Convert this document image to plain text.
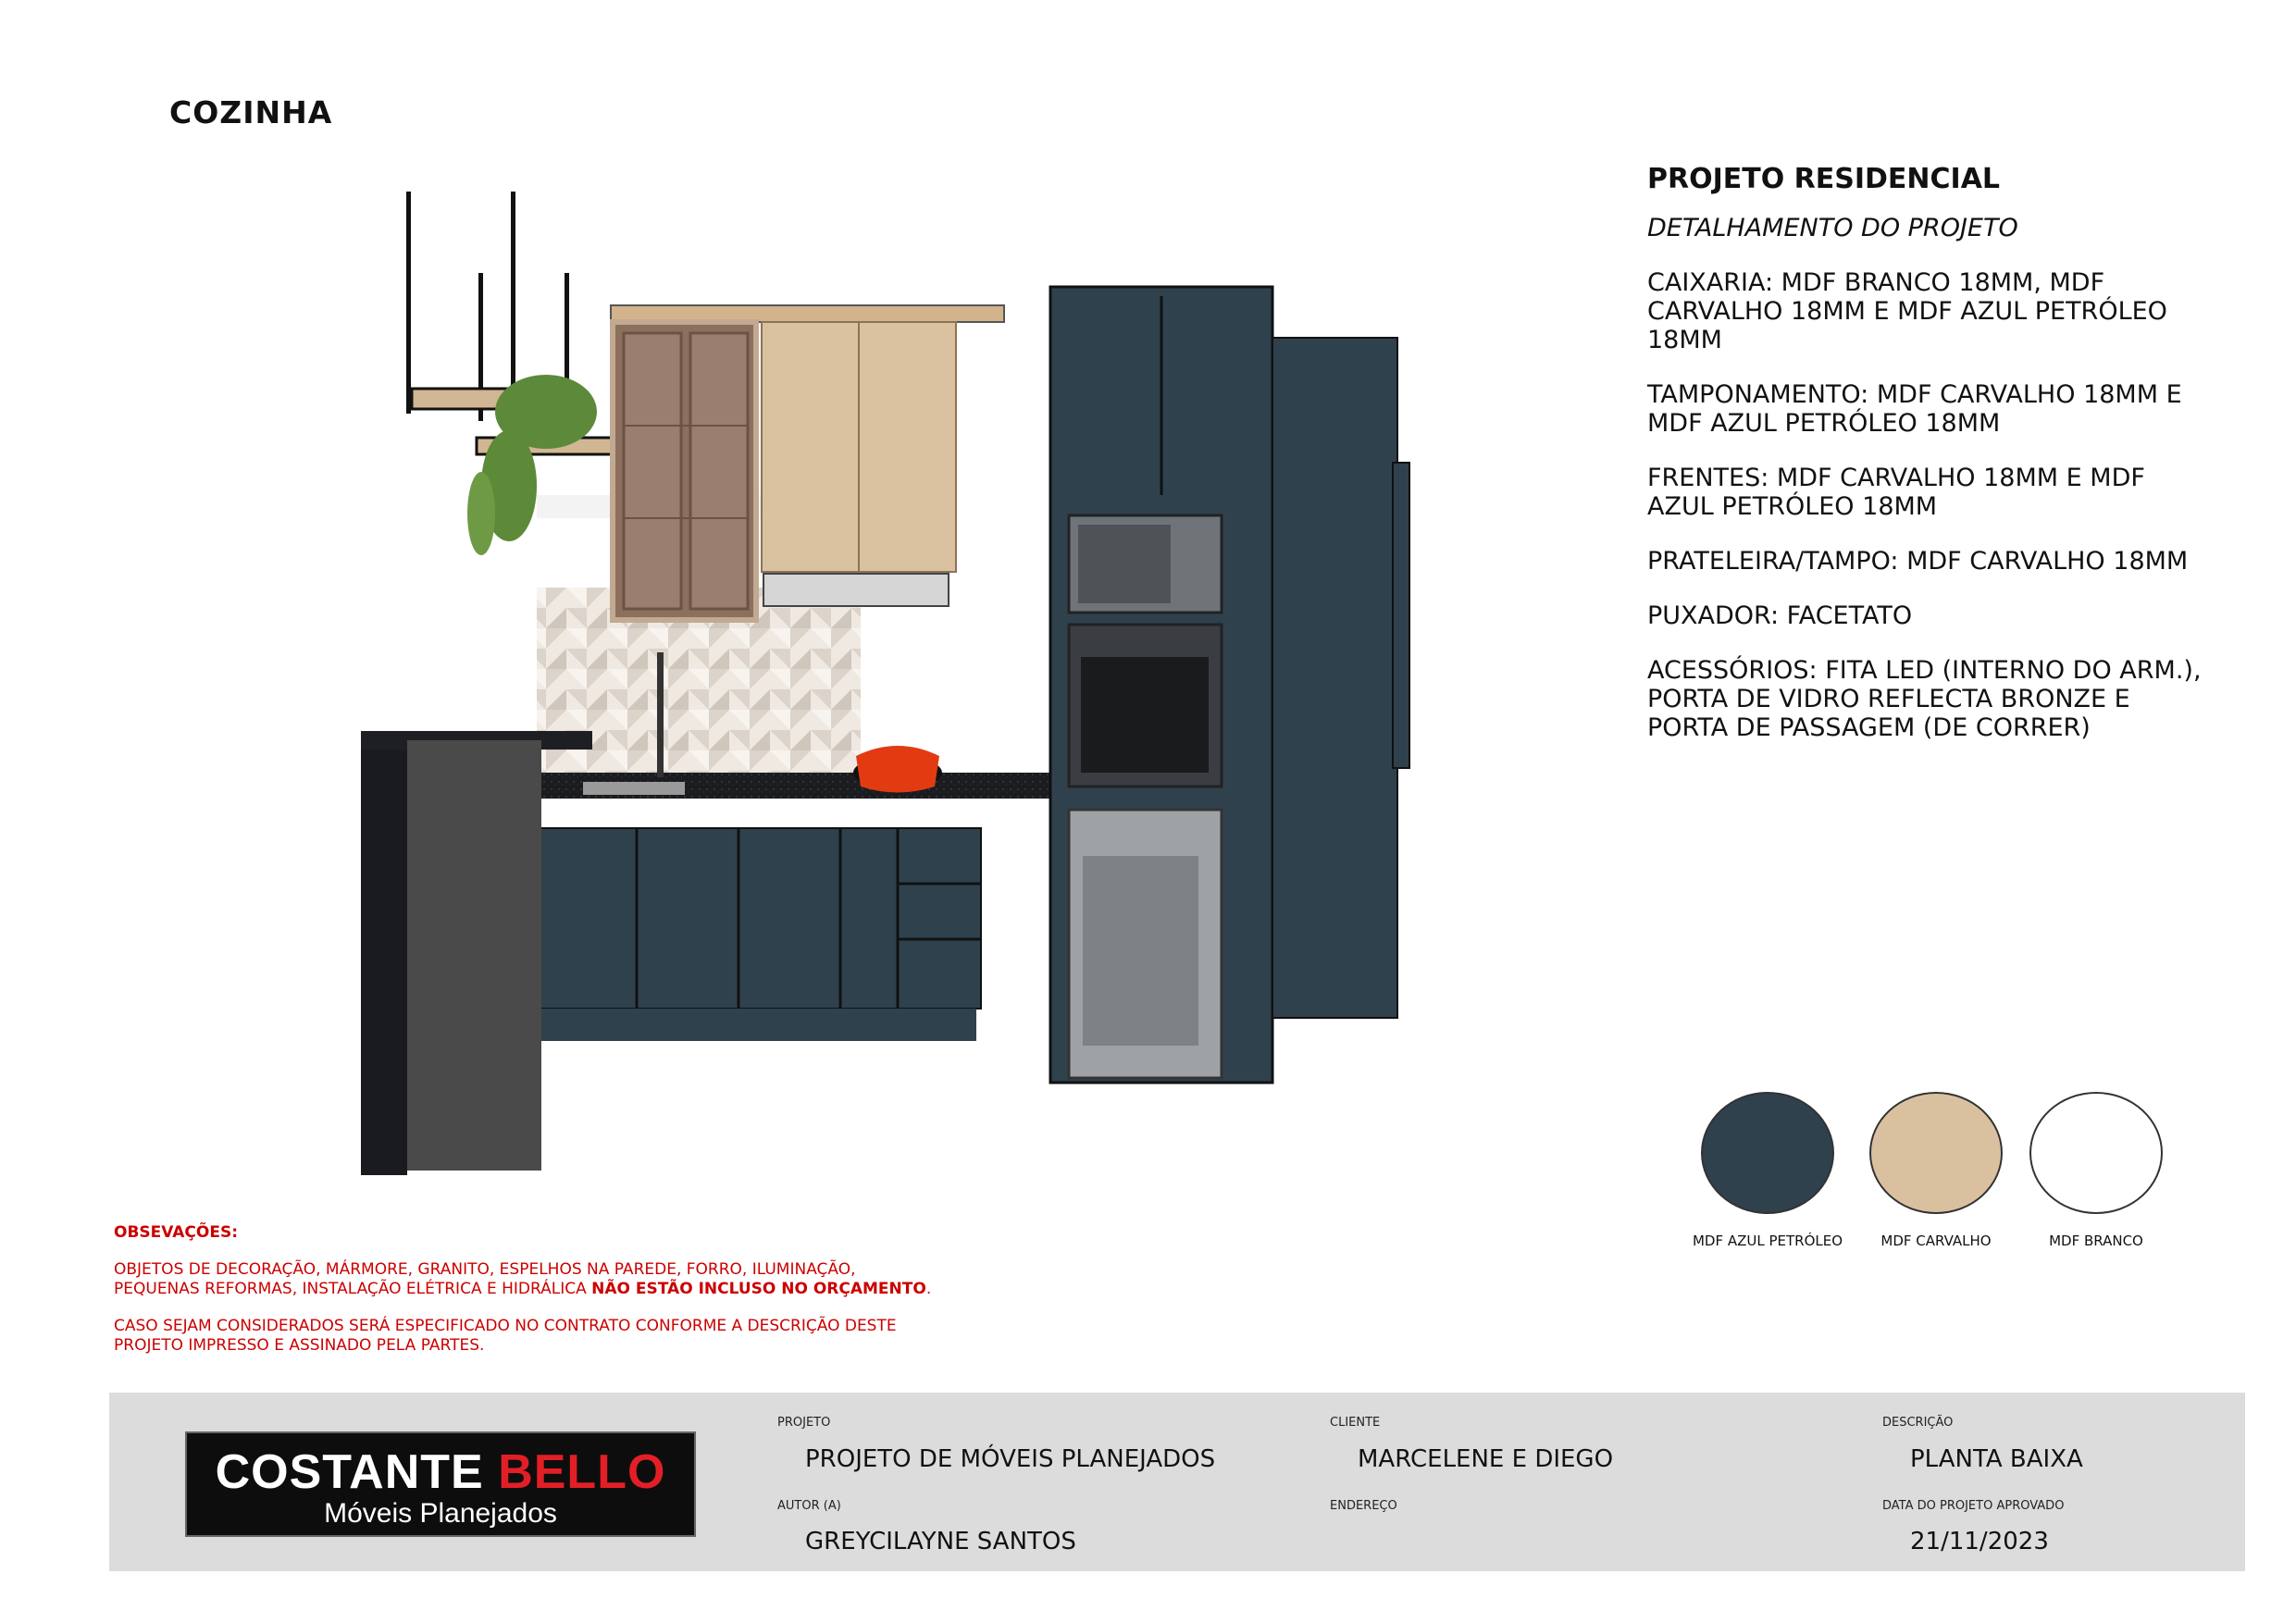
COZINHA
PROJETO RESIDENCIAL
DETALHAMENTO DO PROJETO
CAIXARIA: MDF BRANCO 18MM, MDF CARVALHO 18MM E MDF AZUL PETRÓLEO 18MM
TAMPONAMENTO: MDF CARVALHO 18MM E MDF AZUL PETRÓLEO 18MM
FRENTES: MDF CARVALHO 18MM E MDF AZUL PETRÓLEO 18MM
PRATELEIRA/TAMPO: MDF CARVALHO 18MM
PUXADOR: FACETATO
ACESSÓRIOS: FITA LED (INTERNO DO ARM.), PORTA DE VIDRO REFLECTA BRONZE E PORTA DE PASSAGEM (DE CORRER)
MDF AZUL PETRÓLEO	MDF CARVALHO	MDF BRANCO
OBSEVAÇÕES:

OBJETOS DE DECORAÇÃO, MÁRMORE, GRANITO, ESPELHOS NA PAREDE, FORRO, ILUMINAÇÃO,
PEQUENAS REFORMAS, INSTALAÇÃO ELÉTRICA E HIDRÁLICA NÃO ESTÃO INCLUSO NO ORÇAMENTO.

CASO SEJAM CONSIDERADOS SERÁ ESPECIFICADO NO CONTRATO CONFORME A DESCRIÇÃO DESTE
PROJETO IMPRESSO E ASSINADO PELA PARTES.

COSTANTE BELLO
Móveis Planejados
PROJETO
PROJETO DE MÓVEIS PLANEJADOS
AUTOR (A)
GREYCILAYNE SANTOS
CLIENTE
MARCELENE E DIEGO
ENDEREÇO
DESCRIÇÃO
PLANTA BAIXA
DATA DO PROJETO APROVADO
21/11/2023
